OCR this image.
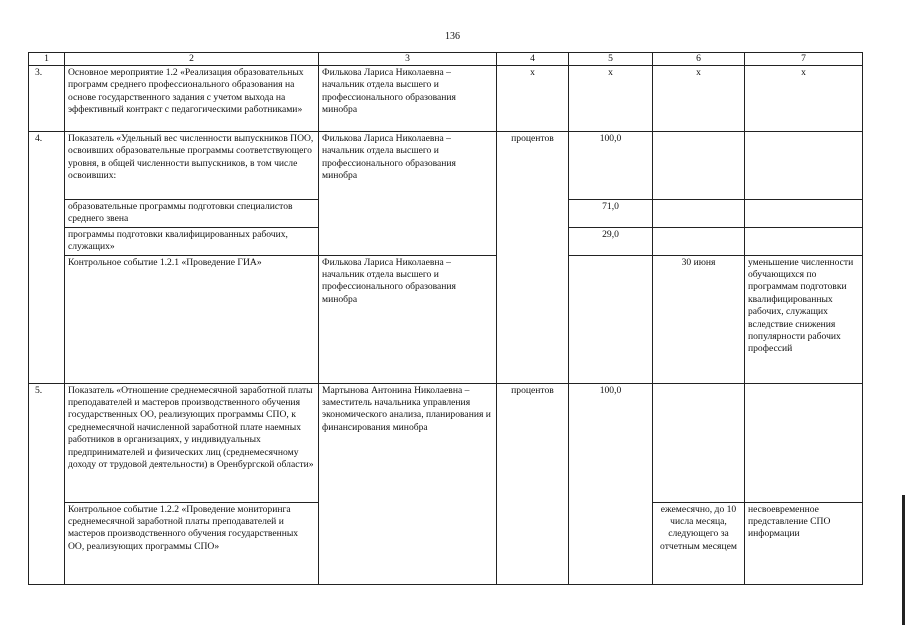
136
1	2	3	4	5	6	7
3.	Основное мероприятие 1.2 «Реализация образовательных программ среднего профессионального образования на основе государственного задания с учетом выхода на эффективный контракт с педагогическими работниками»	Филькова Лариса Николаевна – начальник отдела высшего и профессионального образования минобра	х	х	х	х
4.	Показатель «Удельный вес численности выпускников ПОО, освоивших образовательные программы соответствующего уровня, в общей численности выпускников, в том числе освоивших:	Филькова Лариса Николаевна – начальник отдела высшего и профессионального образования минобра	процентов	100,0		
	образовательные программы подготовки специалистов среднего звена			71,0		
	программы подготовки квалифицированных рабочих, служащих»			29,0		
	Контрольное событие 1.2.1 «Проведение ГИА»	Филькова Лариса Николаевна – начальник отдела высшего и профессионального образования минобра			30 июня	уменьшение численности обучающихся по программам подготовки квалифицированных рабочих, служащих вследствие снижения популярности рабочих профессий
5.	Показатель «Отношение среднемесячной заработной платы преподавателей и мастеров производственного обучения государственных ОО, реализующих программы СПО, к среднемесячной начисленной заработной плате наемных работников в организациях, у индивидуальных предпринимателей и физических лиц (среднемесячному доходу от трудовой деятельности) в Оренбургской области»	Мартынова Антонина Николаевна – заместитель начальника управления экономического анализа, планирования и финансирования минобра	процентов	100,0		
	Контрольное событие 1.2.2 «Проведение мониторинга среднемесячной заработной платы преподавателей и мастеров производственного обучения государственных ОО, реализующих программы СПО»				ежемесячно, до 10 числа месяца, следующего за отчетным месяцем	несвоевременное представление СПО информации
